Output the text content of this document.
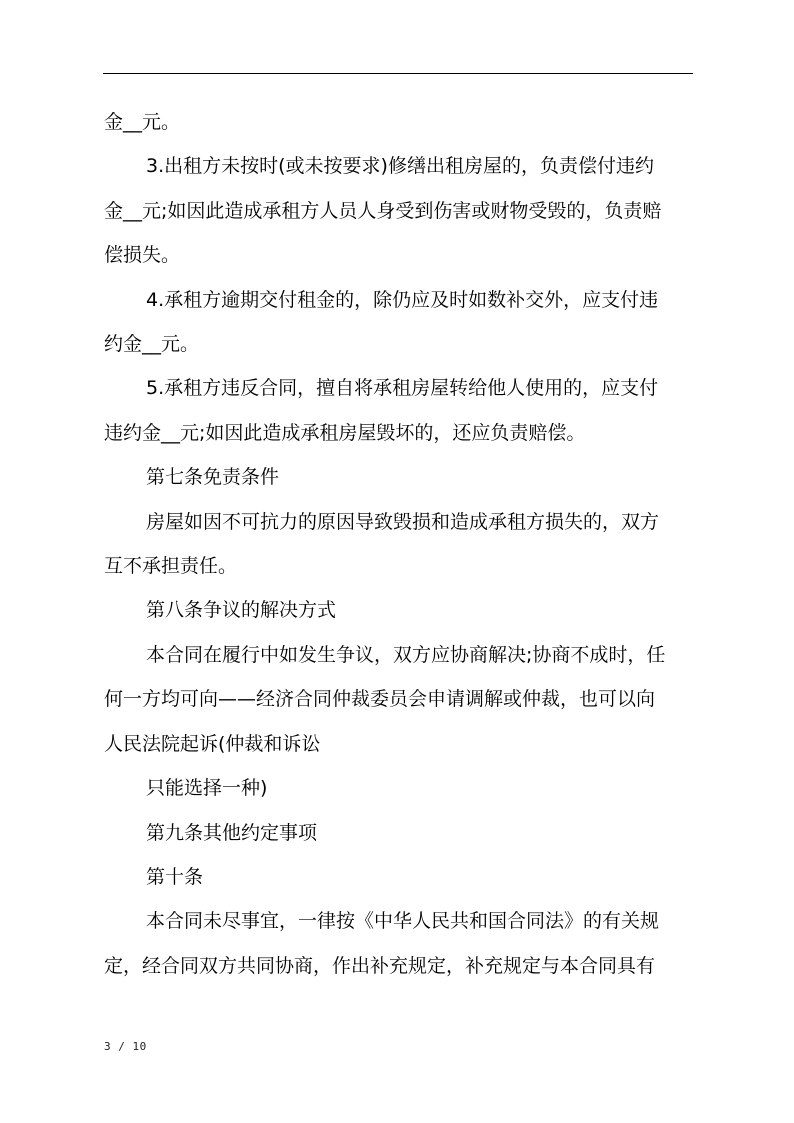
金__元。

3.出租方未按时(或未按要求)修缮出租房屋的，负责偿付违约

金__元;如因此造成承租方人员人身受到伤害或财物受毁的，负责赔

偿损失。

4.承租方逾期交付租金的，除仍应及时如数补交外，应支付违

约金__元。

5.承租方违反合同，擅自将承租房屋转给他人使用的，应支付

违约金__元;如因此造成承租房屋毁坏的，还应负责赔偿。

第七条免责条件

房屋如因不可抗力的原因导致毁损和造成承租方损失的，双方

互不承担责任。

第八条争议的解决方式

本合同在履行中如发生争议，双方应协商解决;协商不成时，任

何一方均可向——经济合同仲裁委员会申请调解或仲裁，也可以向

人民法院起诉(仲裁和诉讼

只能选择一种)

第九条其他约定事项

第十条

本合同未尽事宜，一律按《中华人民共和国合同法》的有关规

定，经合同双方共同协商，作出补充规定，补充规定与本合同具有

3 / 10
